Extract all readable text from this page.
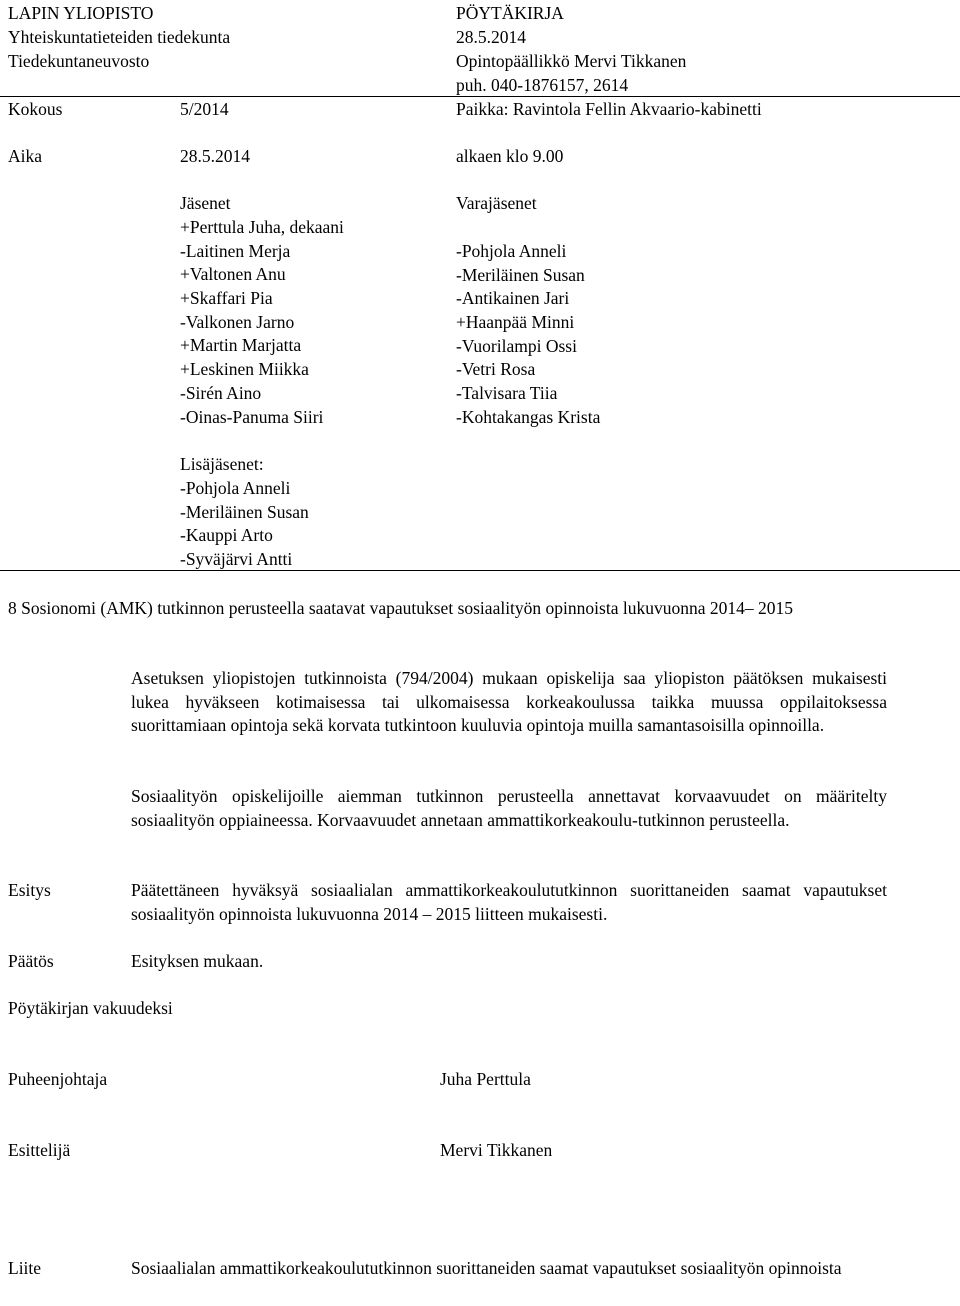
LAPIN YLIOPISTO
Yhteiskuntatieteiden tiedekunta
Tiedekuntaneuvosto
PÖYTÄKIRJA
28.5.2014
Opintopäällikkö Mervi Tikkanen
puh. 040-1876157, 2614
Kokous	5/2014	Paikka: Ravintola Fellin Akvaario-kabinetti
Aika	28.5.2014	alkaen klo 9.00
Jäsenet
+Perttula Juha, dekaani
-Laitinen Merja
+Valtonen Anu
+Skaffari Pia
-Valkonen Jarno
+Martin Marjatta
+Leskinen Miikka
-Sirén Aino
-Oinas-Panuma Siiri
Varajäsenet
-Pohjola Anneli
-Meriläinen Susan
-Antikainen Jari
+Haanpää Minni
-Vuorilampi Ossi
-Vetri Rosa
-Talvisara Tiia
-Kohtakangas Krista
Lisäjäsenet:
-Pohjola Anneli
-Meriläinen Susan
-Kauppi Arto
-Syväjärvi Antti
8 Sosionomi (AMK) tutkinnon perusteella saatavat vapautukset sosiaalityön opinnoista lukuvuonna 2014– 2015
Asetuksen yliopistojen tutkinnoista (794/2004) mukaan opiskelija saa yliopiston päätöksen mukaisesti lukea hyväkseen kotimaisessa tai ulkomaisessa korkeakoulussa taikka muussa oppilaitoksessa suorittamiaan opintoja sekä korvata tutkintoon kuuluvia opintoja muilla samantasoisilla opinnoilla.
Sosiaalityön opiskelijoille aiemman tutkinnon perusteella annettavat korvaavuudet on määritelty sosiaalityön oppiaineessa. Korvaavuudet annetaan ammattikorkeakoulu-tutkinnon perusteella.
Esitys	Päätettäneen hyväksyä sosiaalialan ammattikorkeakoulututkinnon suorittaneiden saamat vapautukset sosiaalityön opinnoista lukuvuonna 2014 – 2015 liitteen mukaisesti.
Päätös	Esityksen mukaan.
Pöytäkirjan vakuudeksi
Puheenjohtaja	Juha Perttula
Esittelijä	Mervi Tikkanen
Liite	Sosiaalialan ammattikorkeakoulututkinnon suorittaneiden saamat vapautukset sosiaalityön opinnoista
